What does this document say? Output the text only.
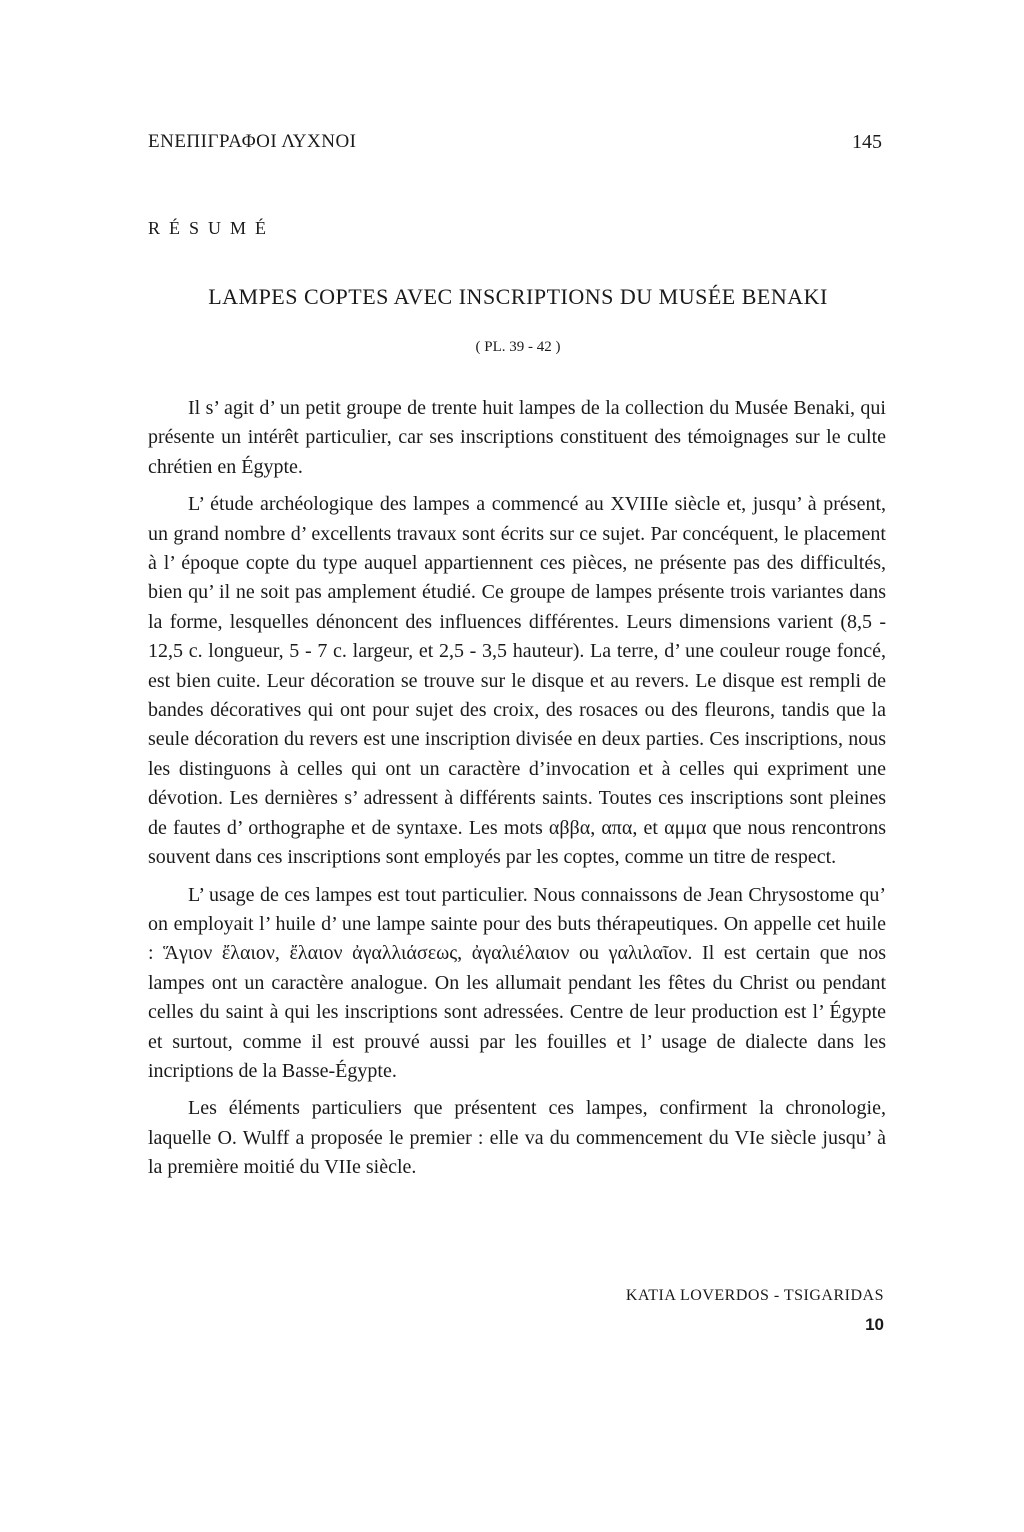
ΕΝΕΠΙΓΡΑΦΟΙ ΛΥΧΝΟΙ	145
RÉSUMÉ
LAMPES COPTES AVEC INSCRIPTIONS DU MUSÉE BENAKI
( PL. 39 - 42 )

Il s’ agit d’ un petit groupe de trente huit lampes de la collection du Musée Benaki, qui présente un intérêt particulier, car ses inscriptions constituent des témoignages sur le culte chrétien en Égypte.

L’ étude archéologique des lampes a commencé au XVIIIe siècle et, jusqu’ à présent, un grand nombre d’ excellents travaux sont écrits sur ce sujet. Par concéquent, le placement à l’ époque copte du type auquel appartiennent ces pièces, ne présente pas des difficultés, bien qu’ il ne soit pas amplement étudié. Ce groupe de lampes présente trois variantes dans la forme, lesquelles dénoncent des influences différentes. Leurs dimensions varient (8,5 - 12,5 c. longueur, 5 - 7 c. largeur, et 2,5 - 3,5 hauteur). La terre, d’ une couleur rouge foncé, est bien cuite. Leur décoration se trouve sur le disque et au revers. Le disque est rempli de bandes décoratives qui ont pour sujet des croix, des rosaces ou des fleurons, tandis que la seule décoration du revers est une inscription divisée en deux parties. Ces inscriptions, nous les distinguons à celles qui ont un caractère d’invocation et à celles qui expriment une dévotion. Les dernières s’ adressent à différents saints. Toutes ces inscriptions sont pleines de fautes d’ orthographe et de syntaxe. Les mots αββα, απα, et αμμα que nous rencontrons souvent dans ces inscriptions sont employés par les coptes, comme un titre de respect.

L’ usage de ces lampes est tout particulier. Nous connaissons de Jean Chrysostome qu’ on employait l’ huile d’ une lampe sainte pour des buts thérapeutiques. On appelle cet huile : Ἅγιον ἔλαιον, ἔλαιον ἀγαλλιάσεως, ἀγαλιέλαιον ou γαλιλαῖον. Il est certain que nos lampes ont un caractère analogue. On les allumait pendant les fêtes du Christ ou pendant celles du saint à qui les inscriptions sont adressées. Centre de leur production est l’ Égypte et surtout, comme il est prouvé aussi par les fouilles et l’ usage de dialecte dans les incriptions de la Basse-Égypte.

Les éléments particuliers que présentent ces lampes, confirment la chronologie, laquelle O. Wulff a proposée le premier : elle va du commencement du VIe siècle jusqu’ à la première moitié du VIIe siècle.

KATIA LOVERDOS - TSIGARIDAS
10
